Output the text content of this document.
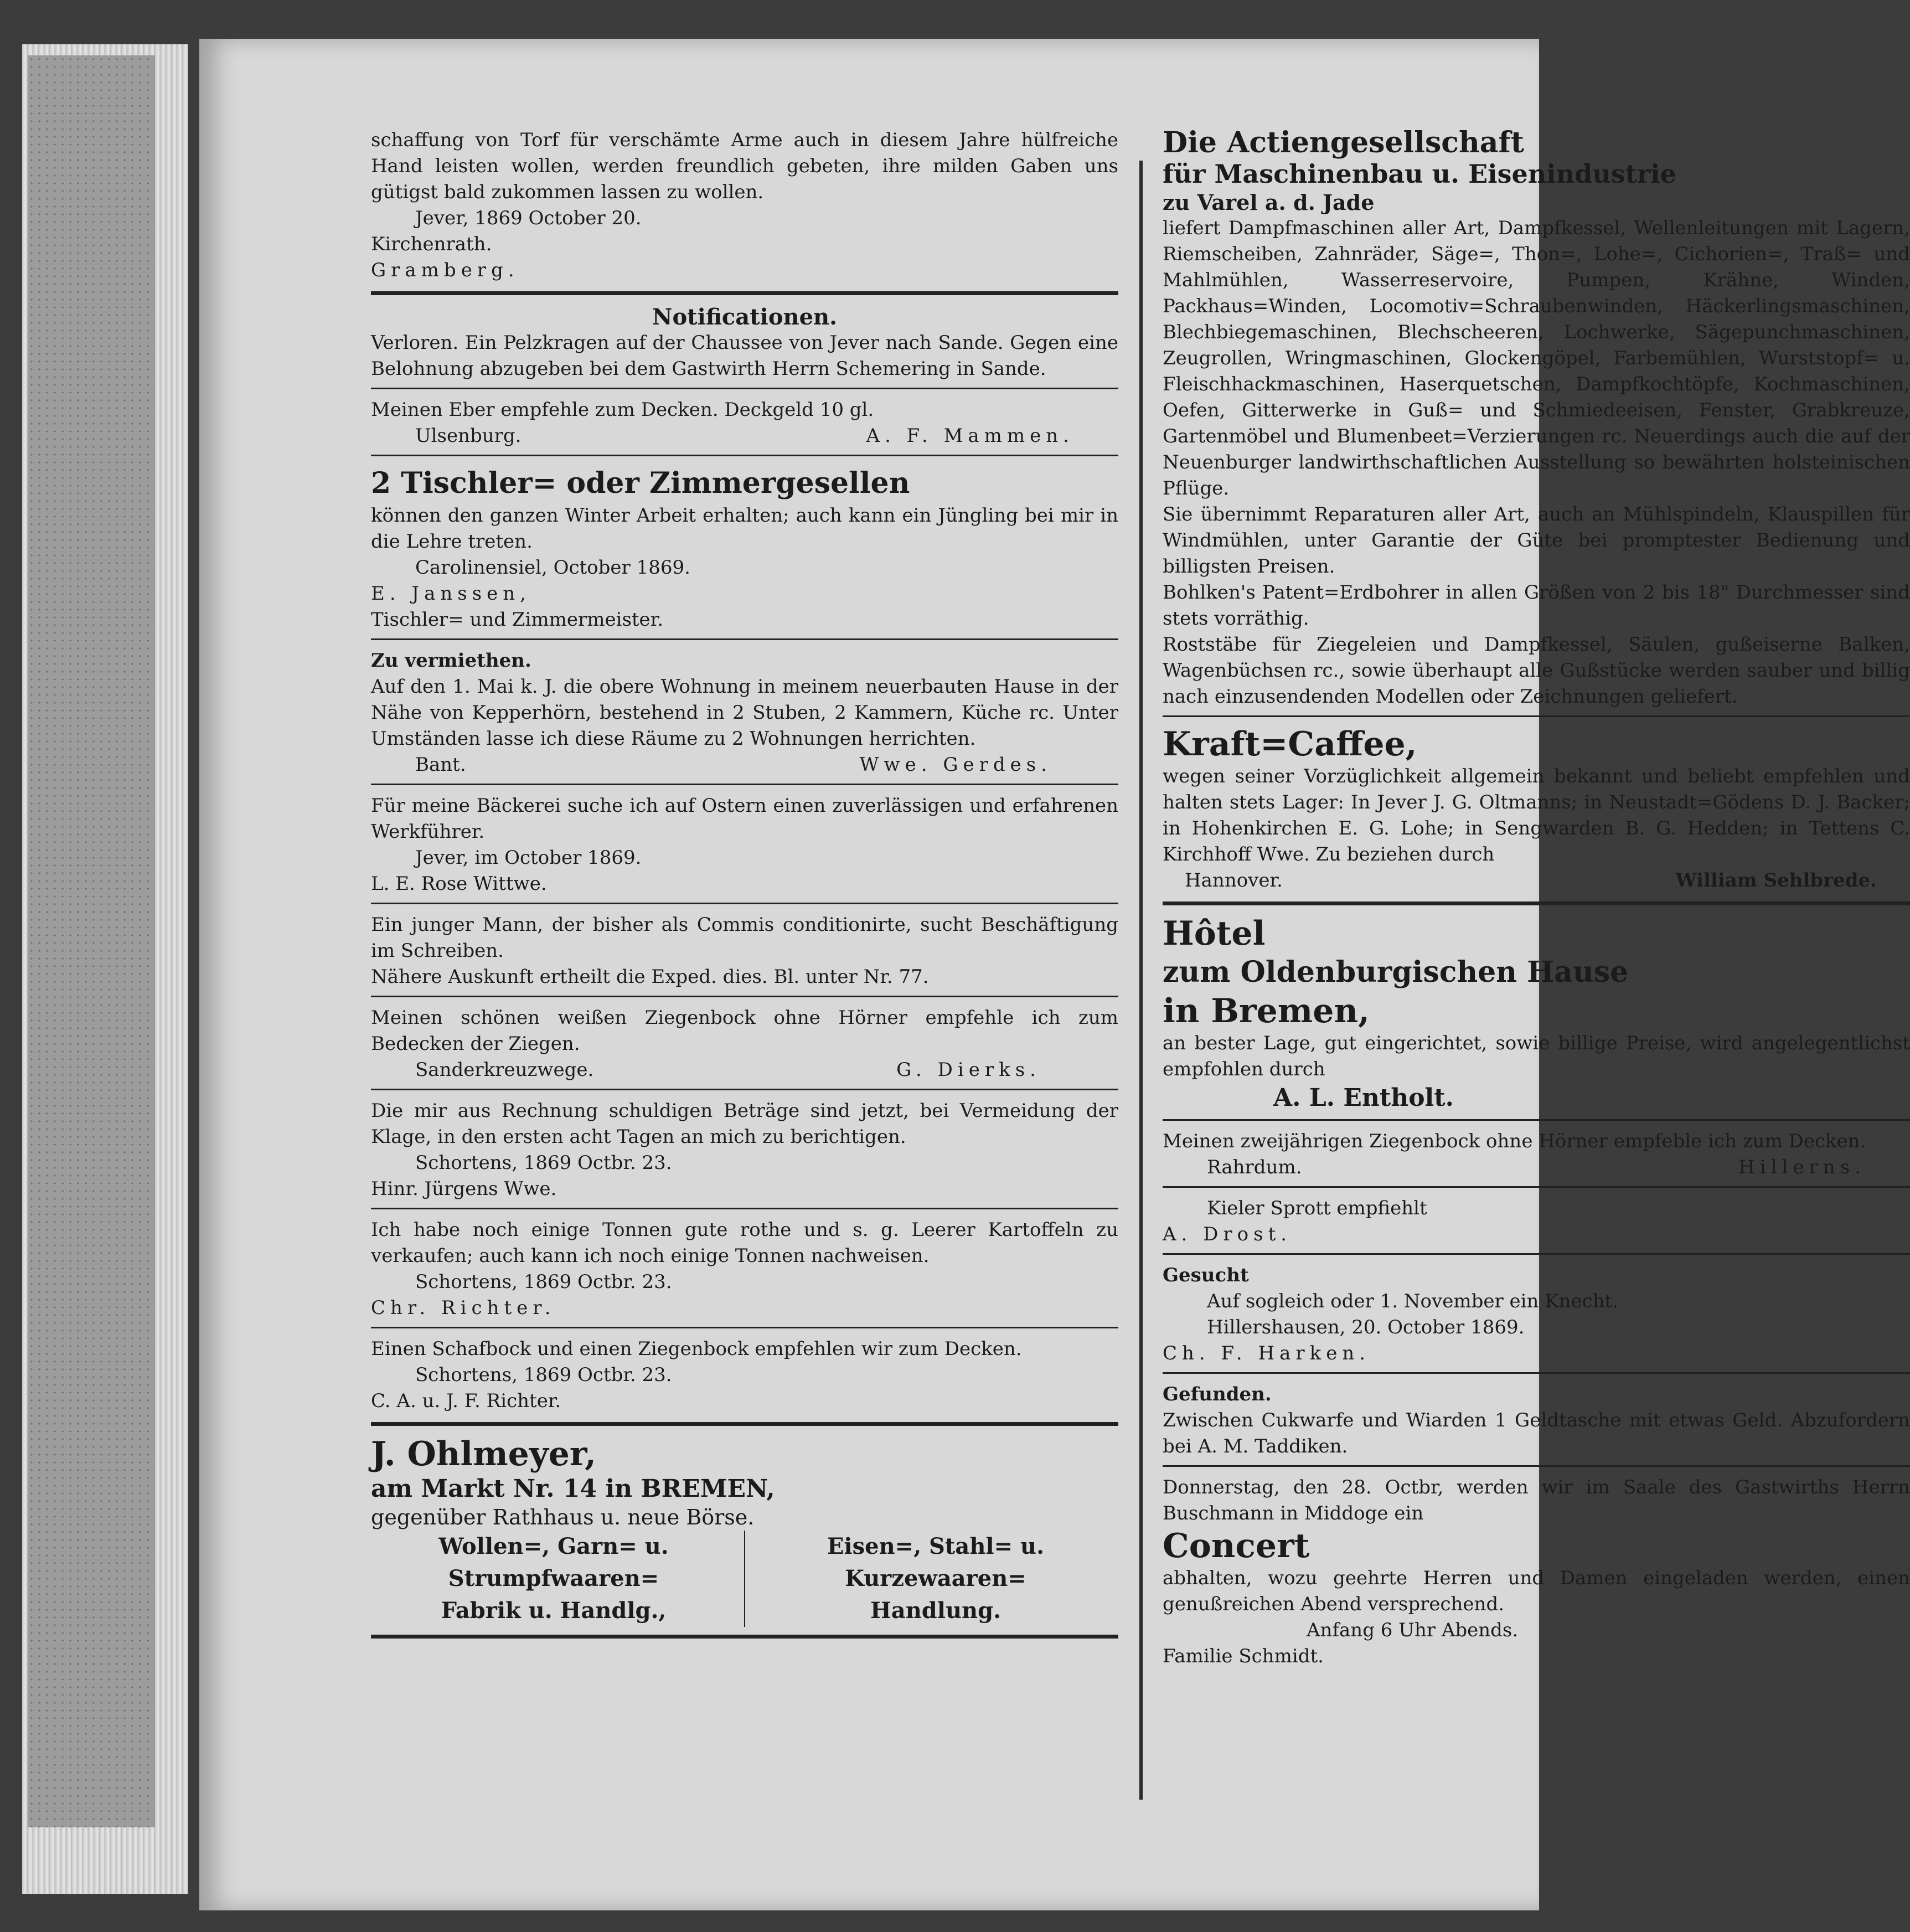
schaffung von Torf für verschämte Arme auch in diesem Jahre hülfreiche Hand leisten wollen, werden freundlich gebeten, ihre milden Gaben uns gütigst bald zukommen lassen zu wollen.

Jever, 1869 October 20.

Kirchenrath.

Gramberg.

Notificationen.

Verloren. Ein Pelzkragen auf der Chaussee von Jever nach Sande. Gegen eine Belohnung abzugeben bei dem Gastwirth Herrn Schemering in Sande.

Meinen Eber empfehle zum Decken. Deckgeld 10 gl.

Ulsenburg.	A. F. Mammen.

2 Tischler= oder Zimmergesellen

können den ganzen Winter Arbeit erhalten; auch kann ein Jüngling bei mir in die Lehre treten.

Carolinensiel, October 1869.

E. Janssen,

Tischler= und Zimmermeister.

Zu vermiethen.

Auf den 1. Mai k. J. die obere Wohnung in meinem neuerbauten Hause in der Nähe von Kepperhörn, bestehend in 2 Stuben, 2 Kammern, Küche rc. Unter Umständen lasse ich diese Räume zu 2 Wohnungen herrichten.

Bant.	Wwe. Gerdes.

Für meine Bäckerei suche ich auf Ostern einen zuverlässigen und erfahrenen Werkführer.

Jever, im October 1869.

L. E. Rose Wittwe.

Ein junger Mann, der bisher als Commis conditionirte, sucht Beschäftigung im Schreiben.

Nähere Auskunft ertheilt die Exped. dies. Bl. unter Nr. 77.

Meinen schönen weißen Ziegenbock ohne Hörner empfehle ich zum Bedecken der Ziegen.

Sanderkreuzwege.	G. Dierks.

Die mir aus Rechnung schuldigen Beträge sind jetzt, bei Vermeidung der Klage, in den ersten acht Tagen an mich zu berichtigen.

Schortens, 1869 Octbr. 23.

Hinr. Jürgens Wwe.

Ich habe noch einige Tonnen gute rothe und s. g. Leerer Kartoffeln zu verkaufen; auch kann ich noch einige Tonnen nachweisen.

Schortens, 1869 Octbr. 23.

Chr. Richter.

Einen Schafbock und einen Ziegenbock empfehlen wir zum Decken.

Schortens, 1869 Octbr. 23.

C. A. u. J. F. Richter.

J. Ohlmeyer,

am Markt Nr. 14 in BREMEN,

gegenüber Rathhaus u. neue Börse.

Wollen=, Garn= u.
Strumpfwaaren=
Fabrik u. Handlg.,
Eisen=, Stahl= u.
Kurzewaaren=
Handlung.

Die Actiengesellschaft

für Maschinenbau u. Eisenindustrie

zu Varel a. d. Jade

liefert Dampfmaschinen aller Art, Dampfkessel, Wellenleitungen mit Lagern, Riemscheiben, Zahnräder, Säge=, Thon=, Lohe=, Cichorien=, Traß= und Mahlmühlen, Wasserreservoire, Pumpen, Krähne, Winden, Packhaus=Winden, Locomotiv=Schraubenwinden, Häckerlingsmaschinen, Blechbiegemaschinen, Blechscheeren, Lochwerke, Sägepunchmaschinen, Zeugrollen, Wringmaschinen, Glockengöpel, Farbemühlen, Wurststopf= u. Fleischhackmaschinen, Haserquetschen, Dampfkochtöpfe, Kochmaschinen, Oefen, Gitterwerke in Guß= und Schmiedeeisen, Fenster, Grabkreuze, Gartenmöbel und Blumenbeet=Verzierungen rc. Neuerdings auch die auf der Neuenburger landwirthschaftlichen Ausstellung so bewährten holsteinischen Pflüge.

Sie übernimmt Reparaturen aller Art, auch an Mühlspindeln, Klauspillen für Windmühlen, unter Garantie der Güte bei promptester Bedienung und billigsten Preisen.

Bohlken's Patent=Erdbohrer in allen Größen von 2 bis 18" Durchmesser sind stets vorräthig.

Roststäbe für Ziegeleien und Dampfkessel, Säulen, gußeiserne Balken, Wagenbüchsen rc., sowie überhaupt alle Gußstücke werden sauber und billig nach einzusendenden Modellen oder Zeichnungen geliefert.

Kraft=Caffee,

wegen seiner Vorzüglichkeit allgemein bekannt und beliebt empfehlen und halten stets Lager: In Jever J. G. Oltmanns; in Neustadt=Gödens D. J. Backer; in Hohenkirchen E. G. Lohe; in Sengwarden B. G. Hedden; in Tettens C. Kirchhoff Wwe. Zu beziehen durch

Hannover.	William Sehlbrede.

Hôtel

zum Oldenburgischen Hause

in Bremen,

an bester Lage, gut eingerichtet, sowie billige Preise, wird angelegentlichst empfohlen durch

A. L. Entholt.

Meinen zweijährigen Ziegenbock ohne Hörner empfeble ich zum Decken.

Rahrdum.	Hillerns.

Kieler Sprott empfiehlt

A. Drost.

Gesucht

Auf sogleich oder 1. November ein Knecht.

Hillershausen, 20. October 1869.

Ch. F. Harken.

Gefunden.

Zwischen Cukwarfe und Wiarden 1 Geldtasche mit etwas Geld. Abzufordern bei A. M. Taddiken.

Donnerstag, den 28. Octbr, werden wir im Saale des Gastwirths Herrn Buschmann in Middoge ein

Concert

abhalten, wozu geehrte Herren und Damen eingeladen werden, einen genußreichen Abend versprechend.

Anfang 6 Uhr Abends.

Familie Schmidt.
